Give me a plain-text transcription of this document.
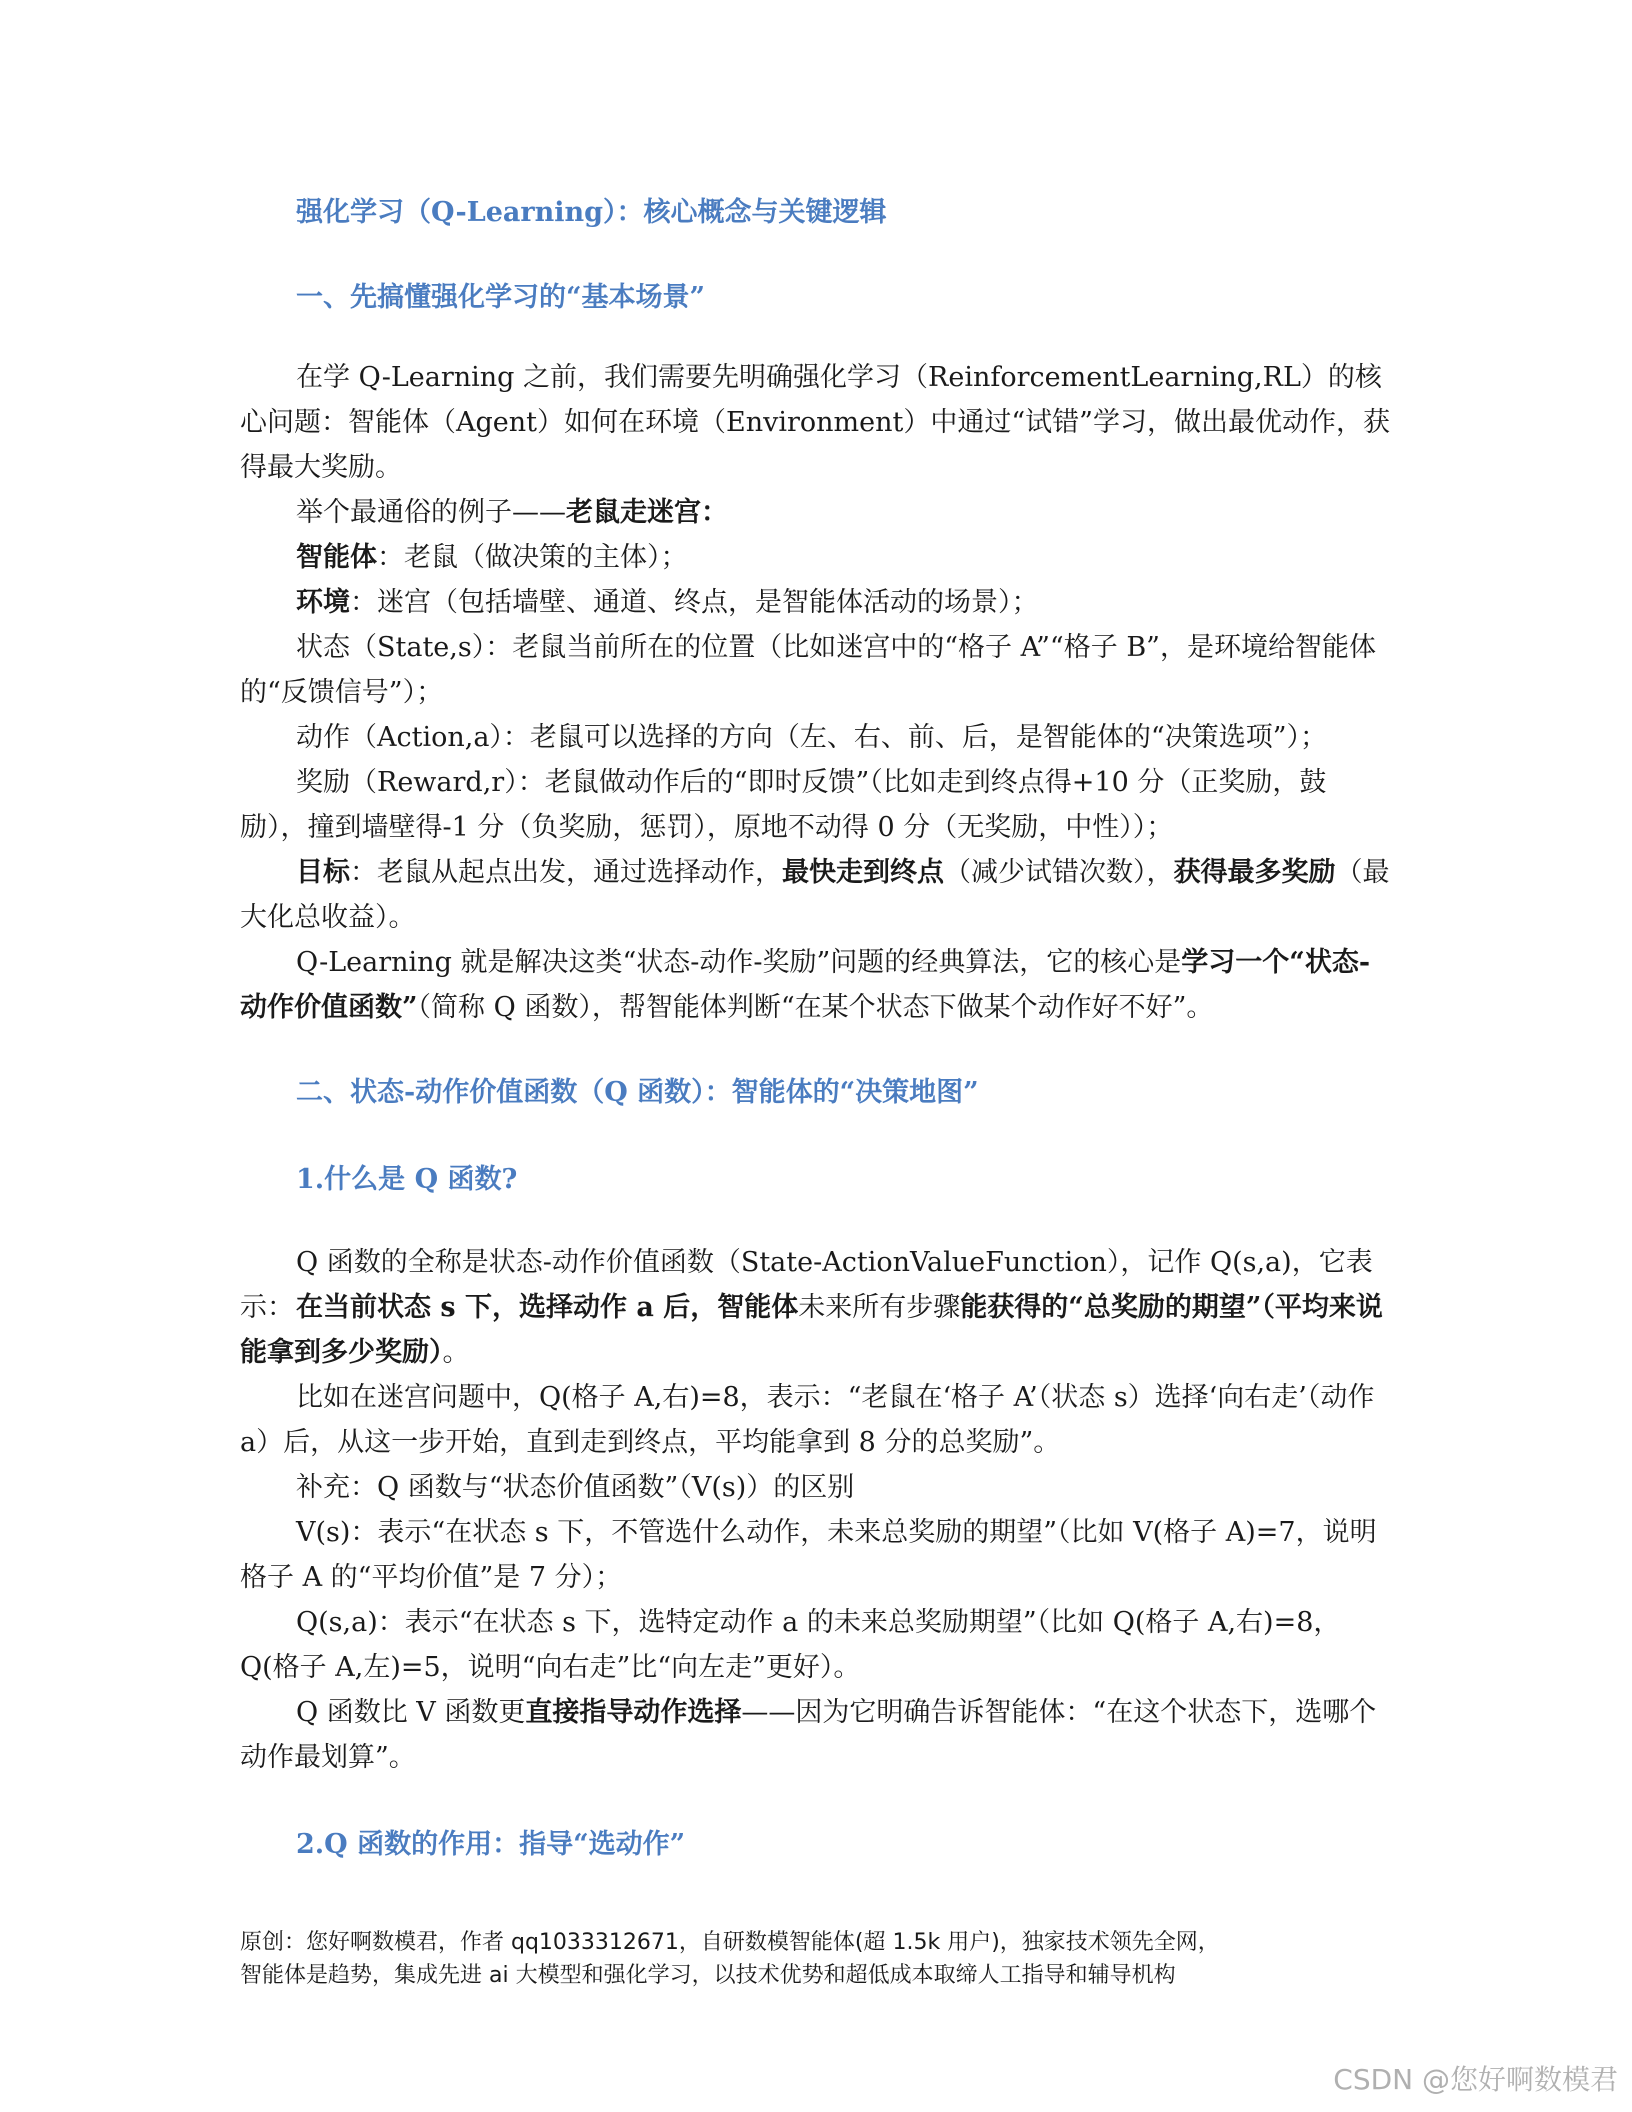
强化学习（Q-Learning）：核心概念与关键逻辑
一、先搞懂强化学习的“基本场景”
在学 Q-Learning 之前，我们需要先明确强化学习（ReinforcementLearning,RL）的核心问题：智能体（Agent）如何在环境（Environment）中通过“试错”学习，做出最优动作，获得最大奖励。
举个最通俗的例子——老鼠走迷宫：
智能体：老鼠（做决策的主体）；
环境：迷宫（包括墙壁、通道、终点，是智能体活动的场景）；
状态（State,s）：老鼠当前所在的位置（比如迷宫中的“格子 A”“格子 B”，是环境给智能体的“反馈信号”）；
动作（Action,a）：老鼠可以选择的方向（左、右、前、后，是智能体的“决策选项”）；
奖励（Reward,r）：老鼠做动作后的“即时反馈”（比如走到终点得+10 分（正奖励，鼓励），撞到墙壁得-1 分（负奖励，惩罚），原地不动得 0 分（无奖励，中性））；
目标：老鼠从起点出发，通过选择动作，最快走到终点（减少试错次数），获得最多奖励（最大化总收益）。
Q-Learning 就是解决这类“状态-动作-奖励”问题的经典算法，它的核心是学习一个“状态-动作价值函数”（简称 Q 函数），帮智能体判断“在某个状态下做某个动作好不好”。
二、状态-动作价值函数（Q 函数）：智能体的“决策地图”
1.什么是 Q 函数?
Q 函数的全称是状态-动作价值函数（State-ActionValueFunction），记作 Q(s,a)，它表示： 在当前状态 s 下，选择动作 a 后，智能体未来所有步骤能获得的“总奖励的期望”（平均来说能拿到多少奖励）。
比如在迷宫问题中，Q(格子 A,右)=8，表示：“老鼠在‘格子 A’（状态 s）选择‘向右走’（动作 a）后，从这一步开始，直到走到终点，平均能拿到 8 分的总奖励”。
补充：Q 函数与“状态价值函数”（V(s)）的区别
V(s)：表示“在状态 s 下，不管选什么动作，未来总奖励的期望”（比如 V(格子 A)=7，说明格子 A 的“平均价值”是 7 分）；
Q(s,a)：表示“在状态 s 下，选特定动作 a 的未来总奖励期望”（比如 Q(格子 A,右)=8，Q(格子 A,左)=5，说明“向右走”比“向左走”更好）。
Q 函数比 V 函数更直接指导动作选择——因为它明确告诉智能体：“在这个状态下，选哪个动作最划算”。
2.Q 函数的作用：指导“选动作”
原创：您好啊数模君，作者 qq1033312671，自研数模智能体(超 1.5k 用户)，独家技术领先全网，
智能体是趋势，集成先进 ai 大模型和强化学习，以技术优势和超低成本取缔人工指导和辅导机构
CSDN @您好啊数模君
